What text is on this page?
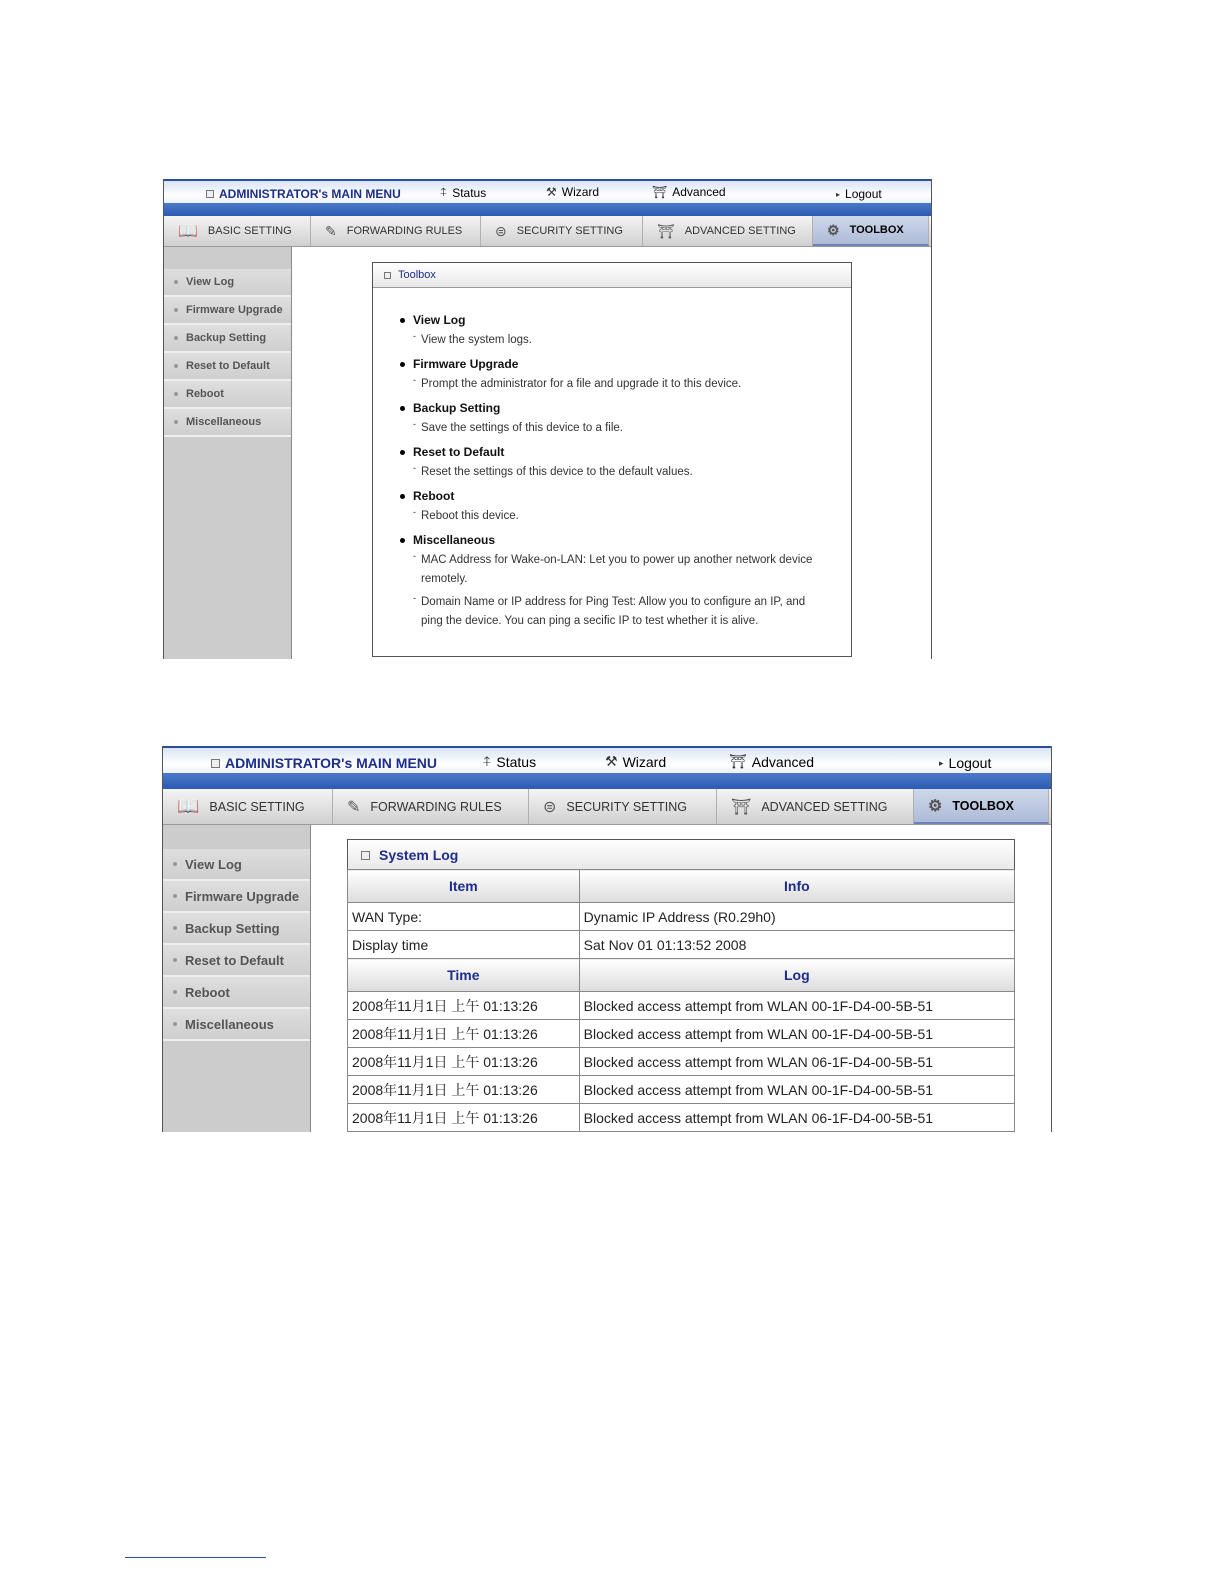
ADMINISTRATOR's MAIN MENU	⍏ Status	⚒ Wizard	⛩ Advanced	▸ Logout
📖 BASIC SETTING ✎ FORWARDING RULES ⊜ SECURITY SETTING ⛩ ADVANCED SETTING ⚙ TOOLBOX
View Log
Firmware Upgrade
Backup Setting
Reset to Default
Reboot
Miscellaneous
Toolbox
View Log
- View the system logs.
Firmware Upgrade
- Prompt the administrator for a file and upgrade it to this device.
Backup Setting
- Save the settings of this device to a file.
Reset to Default
- Reset the settings of this device to the default values.
Reboot
- Reboot this device.
Miscellaneous
- MAC Address for Wake-on-LAN: Let you to power up another network device remotely.
- Domain Name or IP address for Ping Test: Allow you to configure an IP, and ping the device. You can ping a secific IP to test whether it is alive.
ADMINISTRATOR's MAIN MENU	⍏ Status	⚒ Wizard	⛩ Advanced	▸ Logout
📖 BASIC SETTING	✎ FORWARDING RULES	⊜ SECURITY SETTING	⛩ ADVANCED SETTING	⚙ TOOLBOX
View Log
Firmware Upgrade
Backup Setting
Reset to Default
Reboot
Miscellaneous
System Log
Item	Info
WAN Type:	Dynamic IP Address (R0.29h0)
Display time	Sat Nov 01 01:13:52 2008
Time	Log
2008年11月1日 上午 01:13:26	Blocked access attempt from WLAN 00-1F-D4-00-5B-51
2008年11月1日 上午 01:13:26	Blocked access attempt from WLAN 00-1F-D4-00-5B-51
2008年11月1日 上午 01:13:26	Blocked access attempt from WLAN 06-1F-D4-00-5B-51
2008年11月1日 上午 01:13:26	Blocked access attempt from WLAN 00-1F-D4-00-5B-51
2008年11月1日 上午 01:13:26	Blocked access attempt from WLAN 06-1F-D4-00-5B-51
